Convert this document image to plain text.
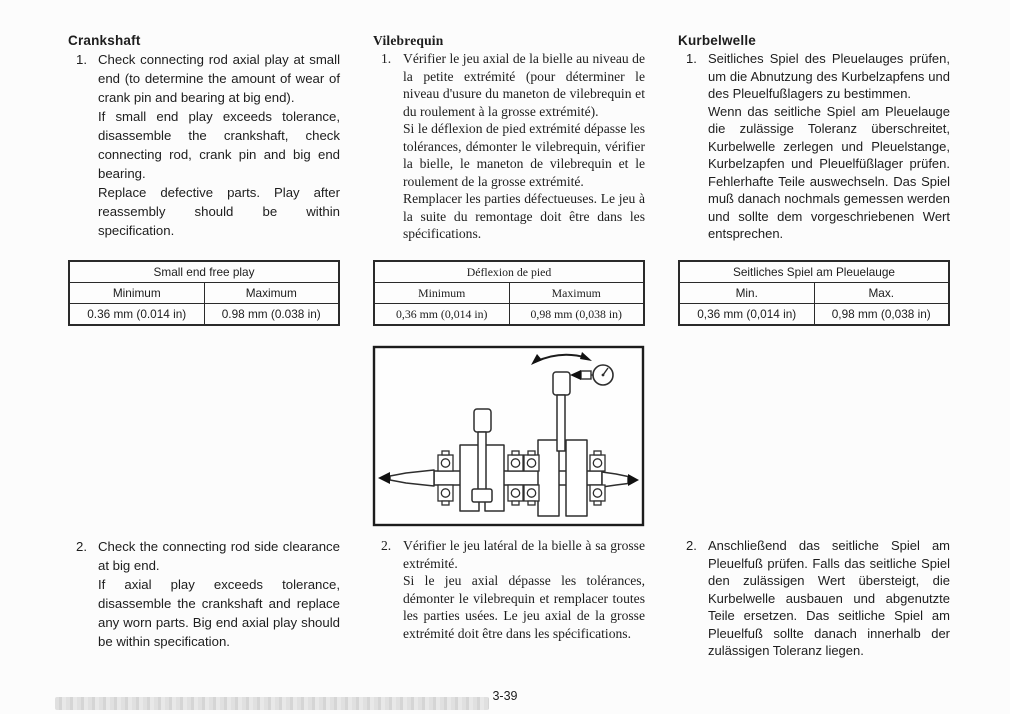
Crankshaft
1. Check connecting rod axial play at small end (to determine the amount of wear of crank pin and bearing at big end).

If small end play exceeds tolerance, disassemble the crankshaft, check connecting rod, crank pin and big end bearing.

Replace defective parts. Play after reassembly should be within specification.

Small end free play	
Minimum	Maximum
0.36 mm (0.014 in)	0.98 mm (0.038 in)
2. Check the connecting rod side clearance at big end.

If axial play exceeds tolerance, disassemble the crankshaft and replace any worn parts. Big end axial play should be within specification.

Vilebrequin
1. Vérifier le jeu axial de la bielle au niveau de la petite extrémité (pour déterminer le niveau d'usure du maneton de vilebrequin et du roulement à la grosse extrémité).

Si le déflexion de pied extrémité dépasse les tolérances, démonter le vilebrequin, vérifier la bielle, le maneton de vilebrequin et le roulement de la grosse extrémité.

Remplacer les parties défectueuses. Le jeu à la suite du remontage doit être dans les spécifications.

Déflexion de pied	
Minimum	Maximum
0,36 mm (0,014 in)	0,98 mm (0,038 in)
2. Vérifier le jeu latéral de la bielle à sa grosse extrémité.

Si le jeu axial dépasse les tolérances, démonter le vilebrequin et remplacer toutes les parties usées. Le jeu axial de la grosse extrémité doit être dans les spécifications.

Kurbelwelle
1. Seitliches Spiel des Pleuelauges prüfen, um die Abnutzung des Kurbelzapfens und des Pleuelfußlagers zu bestimmen.

Wenn das seitliche Spiel am Pleuelauge die zulässige Toleranz überschreitet, Kurbelwelle zerlegen und Pleuelstange, Kurbelzapfen und Pleuelfüßlager prüfen. Fehlerhafte Teile auswechseln. Das Spiel muß danach nochmals gemessen werden und sollte dem vorgeschriebenen Wert entsprechen.

Seitliches Spiel am Pleuelauge	
Min.	Max.
0,36 mm (0,014 in)	0,98 mm (0,038 in)
2. Anschließend das seitliche Spiel am Pleuelfuß prüfen. Falls das seitliche Spiel den zulässigen Wert übersteigt, die Kurbelwelle ausbauen und abgenutzte Teile ersetzen. Das seitliche Spiel am Pleuelfuß sollte danach innerhalb der zulässigen Toleranz liegen.

3-39
